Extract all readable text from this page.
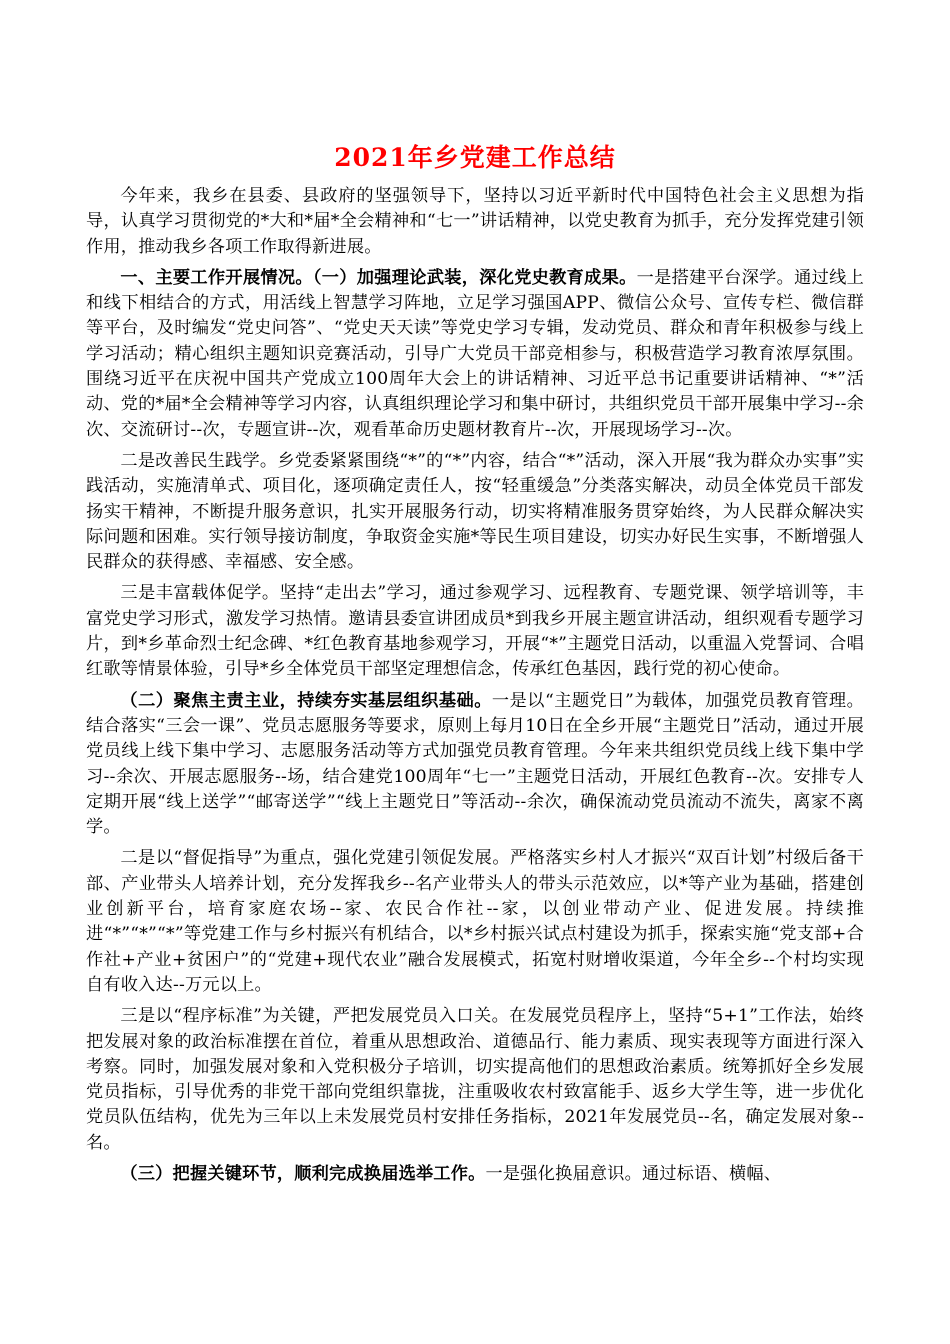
2021年乡党建工作总结

今年来，我乡在县委、县政府的坚强领导下，坚持以习近平新时代中国特色社会主义思想为指导，认真学习贯彻党的*大和*届*全会精神和“七一”讲话精神，以党史教育为抓手，充分发挥党建引领作用，推动我乡各项工作取得新进展。

一、主要工作开展情况。（一）加强理论武装，深化党史教育成果。一是搭建平台深学。通过线上和线下相结合的方式，用活线上智慧学习阵地，立足学习强国APP、微信公众号、宣传专栏、微信群等平台，及时编发“党史问答”、“党史天天读”等党史学习专辑，发动党员、群众和青年积极参与线上学习活动；精心组织主题知识竞赛活动，引导广大党员干部竞相参与，积极营造学习教育浓厚氛围。围绕习近平在庆祝中国共产党成立100周年大会上的讲话精神、习近平总书记重要讲话精神、“*”活动、党的*届*全会精神等学习内容，认真组织理论学习和集中研讨，共组织党员干部开展集中学习--余次、交流研讨--次，专题宣讲--次，观看革命历史题材教育片--次，开展现场学习--次。

二是改善民生践学。乡党委紧紧围绕“*”的“*”内容，结合“*”活动，深入开展“我为群众办实事”实践活动，实施清单式、项目化，逐项确定责任人，按“轻重缓急”分类落实解决，动员全体党员干部发扬实干精神，不断提升服务意识，扎实开展服务行动，切实将精准服务贯穿始终，为人民群众解决实际问题和困难。实行领导接访制度，争取资金实施*等民生项目建设，切实办好民生实事，不断增强人民群众的获得感、幸福感、安全感。

三是丰富载体促学。坚持“走出去”学习，通过参观学习、远程教育、专题党课、领学培训等，丰富党史学习形式，激发学习热情。邀请县委宣讲团成员*到我乡开展主题宣讲活动，组织观看专题学习片，到*乡革命烈士纪念碑、*红色教育基地参观学习，开展“*”主题党日活动，以重温入党誓词、合唱红歌等情景体验，引导*乡全体党员干部坚定理想信念，传承红色基因，践行党的初心使命。

（二）聚焦主责主业，持续夯实基层组织基础。一是以“主题党日”为载体，加强党员教育管理。结合落实“三会一课”、党员志愿服务等要求，原则上每月10日在全乡开展“主题党日”活动，通过开展党员线上线下集中学习、志愿服务活动等方式加强党员教育管理。今年来共组织党员线上线下集中学习--余次、开展志愿服务--场，结合建党100周年“七一”主题党日活动，开展红色教育--次。安排专人定期开展“线上送学”“邮寄送学”“线上主题党日”等活动--余次，确保流动党员流动不流失，离家不离学。

二是以“督促指导”为重点，强化党建引领促发展。严格落实乡村人才振兴“双百计划”村级后备干部、产业带头人培养计划，充分发挥我乡--名产业带头人的带头示范效应，以*等产业为基础，搭建创业创新平台，培育家庭农场--家、农民合作社--家，以创业带动产业、促进发展。持续推进“*”“*”“*”等党建工作与乡村振兴有机结合，以*乡村振兴试点村建设为抓手，探索实施“党支部+合作社+产业+贫困户”的“党建+现代农业”融合发展模式，拓宽村财增收渠道，今年全乡--个村均实现自有收入达--万元以上。

三是以“程序标准”为关键，严把发展党员入口关。在发展党员程序上，坚持“5+1”工作法，始终把发展对象的政治标准摆在首位，着重从思想政治、道德品行、能力素质、现实表现等方面进行深入考察。同时，加强发展对象和入党积极分子培训，切实提高他们的思想政治素质。统筹抓好全乡发展党员指标，引导优秀的非党干部向党组织靠拢，注重吸收农村致富能手、返乡大学生等，进一步优化党员队伍结构，优先为三年以上未发展党员村安排任务指标，2021年发展党员--名，确定发展对象--名。

（三）把握关键环节，顺利完成换届选举工作。一是强化换届意识。通过标语、横幅、
